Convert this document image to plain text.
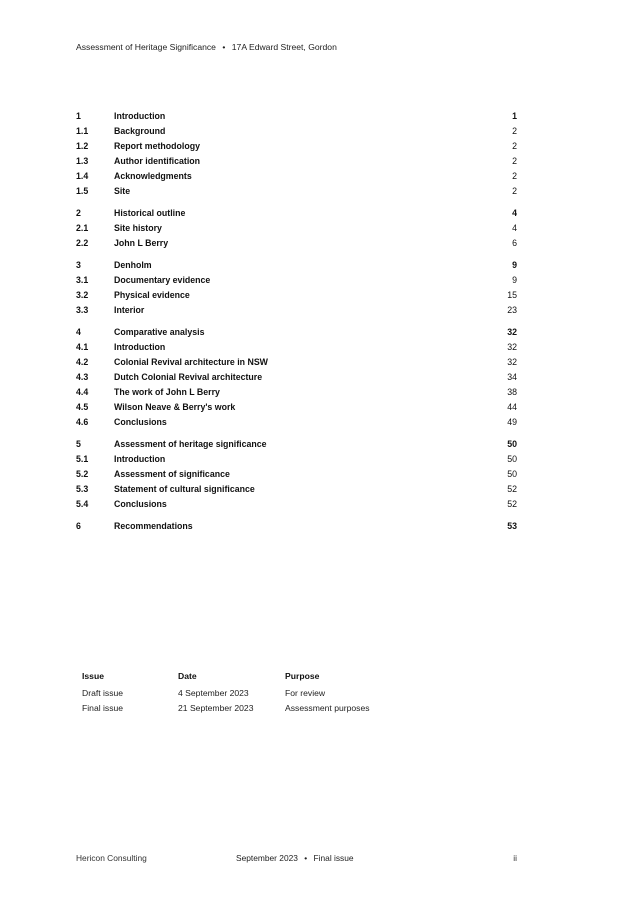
Assessment of Heritage Significance • 17A Edward Street, Gordon
1	Introduction	1
1.1	Background	2
1.2	Report methodology	2
1.3	Author identification	2
1.4	Acknowledgments	2
1.5	Site	2
2	Historical outline	4
2.1	Site history	4
2.2	John L Berry	6
3	Denholm	9
3.1	Documentary evidence	9
3.2	Physical evidence	15
3.3	Interior	23
4	Comparative analysis	32
4.1	Introduction	32
4.2	Colonial Revival architecture in NSW	32
4.3	Dutch Colonial Revival architecture	34
4.4	The work of John L Berry	38
4.5	Wilson Neave & Berry's work	44
4.6	Conclusions	49
5	Assessment of heritage significance	50
5.1	Introduction	50
5.2	Assessment of significance	50
5.3	Statement of cultural significance	52
5.4	Conclusions	52
6	Recommendations	53
Issue	Date	Purpose
Draft issue	4 September 2023	For review
Final issue	21 September 2023	Assessment purposes
Hericon Consulting	September 2023 • Final issue	ii
